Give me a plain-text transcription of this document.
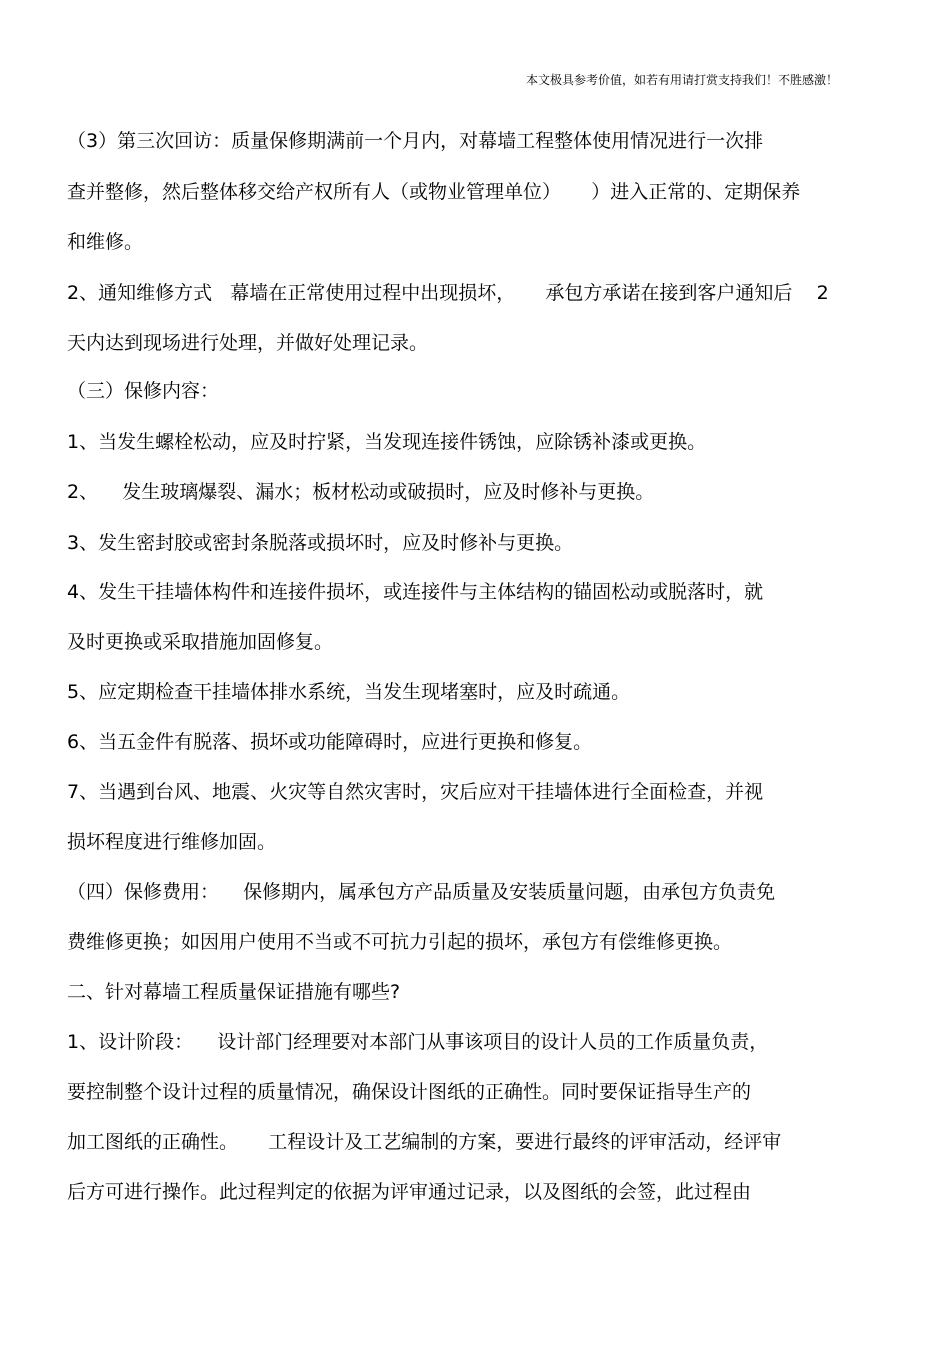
本文极具参考价值，如若有用请打赏支持我们！不胜感激！
（3）第三次回访：质量保修期满前一个月内，对幕墙工程整体使用情况进行一次排
查并整修，然后整体移交给产权所有人（或物业管理单位）     ）进入正常的、定期保养
和维修。
2、通知维修方式   幕墙在正常使用过程中出现损坏，     承包方承诺在接到客户通知后    2
天内达到现场进行处理，并做好处理记录。
（三）保修内容：
1、当发生螺栓松动，应及时拧紧，当发现连接件锈蚀，应除锈补漆或更换。
2、    发生玻璃爆裂、漏水；板材松动或破损时，应及时修补与更换。
3、发生密封胶或密封条脱落或损坏时，应及时修补与更换。
4、发生干挂墙体构件和连接件损坏，或连接件与主体结构的锚固松动或脱落时，就
及时更换或采取措施加固修复。
5、应定期检查干挂墙体排水系统，当发生现堵塞时，应及时疏通。
6、当五金件有脱落、损坏或功能障碍时，应进行更换和修复。
7、当遇到台风、地震、火灾等自然灾害时，灾后应对干挂墙体进行全面检查，并视
损坏程度进行维修加固。
（四）保修费用：    保修期内，属承包方产品质量及安装质量问题，由承包方负责免
费维修更换；如因用户使用不当或不可抗力引起的损坏，承包方有偿维修更换。
二、针对幕墙工程质量保证措施有哪些?
1、设计阶段：    设计部门经理要对本部门从事该项目的设计人员的工作质量负责，
要控制整个设计过程的质量情况，确保设计图纸的正确性。同时要保证指导生产的
加工图纸的正确性。     工程设计及工艺编制的方案，要进行最终的评审活动，经评审
后方可进行操作。此过程判定的依据为评审通过记录，以及图纸的会签，此过程由
